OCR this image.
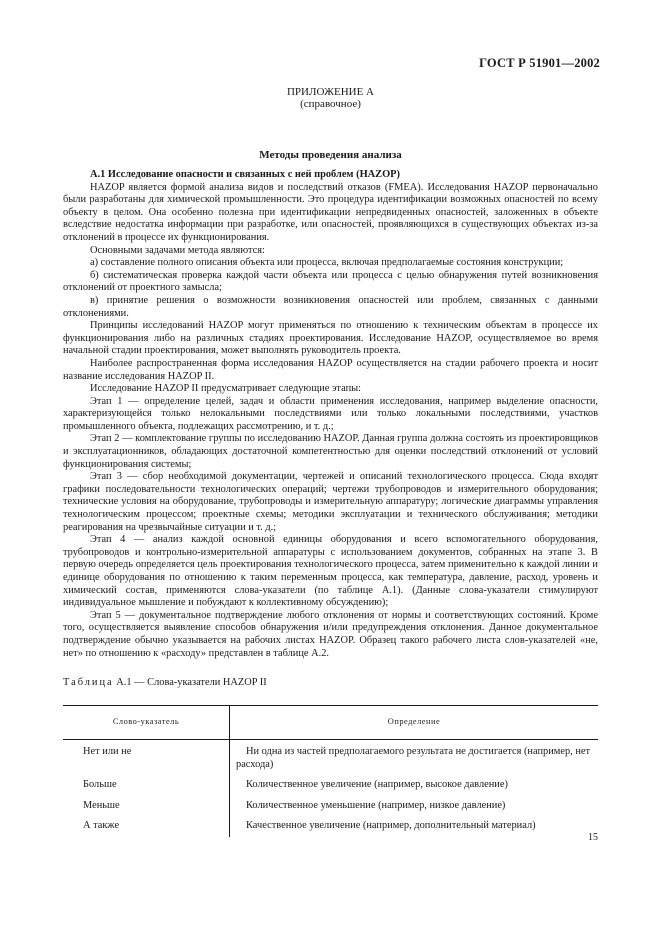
ГОСТ Р 51901—2002
ПРИЛОЖЕНИЕ А
(справочное)
Методы проведения анализа

А.1 Исследование опасности и связанных с ней проблем (HAZOP)

HAZOP является формой анализа видов и последствий отказов (FMEA). Исследования HAZOP первоначально были разработаны для химической промышленности. Это процедура идентификации возможных опасностей по всему объекту в целом. Она особенно полезна при идентификации непредвиденных опасностей, заложенных в объекте вследствие недостатка информации при разработке, или опасностей, проявляющихся в существующих объектах из-за отклонений в процессе их функционирования.

Основными задачами метода являются:

а) составление полного описания объекта или процесса, включая предполагаемые состояния конструкции;

б) систематическая проверка каждой части объекта или процесса с целью обнаружения путей возникновения отклонений от проектного замысла;

в) принятие решения о возможности возникновения опасностей или проблем, связанных с данными отклонениями.

Принципы исследований HAZOP могут применяться по отношению к техническим объектам в процессе их функционирования либо на различных стадиях проектирования. Исследование HAZOP, осуществляемое во время начальной стадии проектирования, может выполнять руководитель проекта.

Наиболее распространенная форма исследования HAZOP осуществляется на стадии рабочего проекта и носит название исследования HAZOP II.

Исследование HAZOP II предусматривает следующие этапы:

Этап 1 — определение целей, задач и области применения исследования, например выделение опасности, характеризующейся только нелокальными последствиями или только локальными последствиями, участков промышленного объекта, подлежащих рассмотрению, и т. д.;

Этап 2 — комплектование группы по исследованию HAZOP. Данная группа должна состоять из проектировщиков и эксплуатационников, обладающих достаточной компетентностью для оценки последствий отклонений от условий функционирования системы;

Этап 3 — сбор необходимой документации, чертежей и описаний технологического процесса. Сюда входят графики последовательности технологических операций; чертежи трубопроводов и измерительного оборудования; технические условия на оборудование, трубопроводы и измерительную аппаратуру; логические диаграммы управления технологическим процессом; проектные схемы; методики эксплуатации и технического обслуживания; методики реагирования на чрезвычайные ситуации и т. д.;

Этап 4 — анализ каждой основной единицы оборудования и всего вспомогательного оборудования, трубопроводов и контрольно-измерительной аппаратуры с использованием документов, собранных на этапе 3. В первую очередь определяется цель проектирования технологического процесса, затем применительно к каждой линии и единице оборудования по отношению к таким переменным процесса, как температура, давление, расход, уровень и химический состав, применяются слова-указатели (по таблице А.1). (Данные слова-указатели стимулируют индивидуальное мышление и побуждают к коллективному обсуждению);

Этап 5 — документальное подтверждение любого отклонения от нормы и соответствующих состояний. Кроме того, осуществляется выявление способов обнаружения и/или предупреждения отклонения. Данное документальное подтверждение обычно указывается на рабочих листах HAZOP. Образец такого рабочего листа слов-указателей «не, нет» по отношению к «расходу» представлен в таблице А.2.

Таблица А.1 — Слова-указатели HAZOP II
Слово-указатель	Определение
Нет или не	Ни одна из частей предполагаемого результата не достигается (например, нет расхода)

Больше	Количественное увеличение (например, высокое давление)

Меньше	Количественное уменьшение (например, низкое давление)

А также	Качественное увеличение (например, дополнительный материал)
15
